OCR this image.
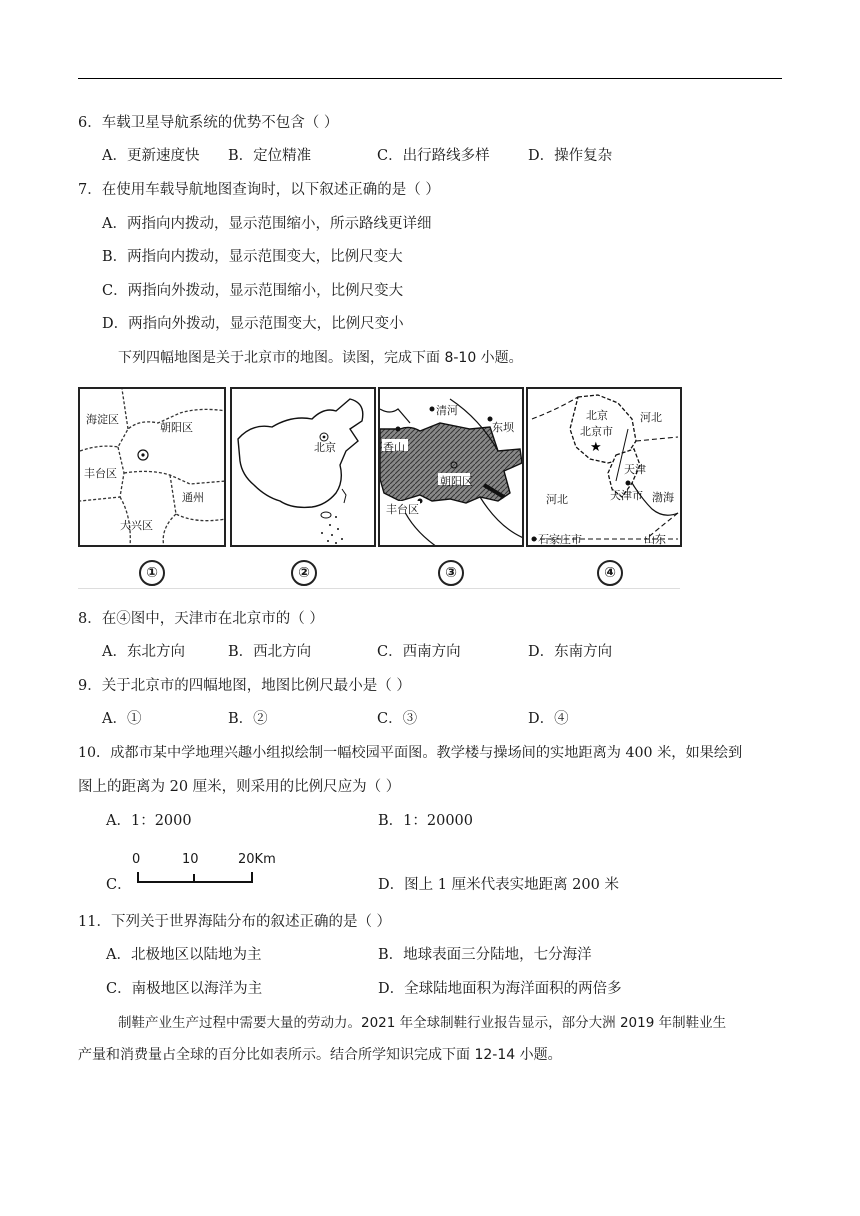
6．车载卫星导航系统的优势不包含（ ）
A．更新速度快 B．定位精准	C．出行路线多样	D．操作复杂
7．在使用车载导航地图查询时，以下叙述正确的是（ ）
A．两指向内拨动，显示范围缩小，所示路线更详细
B．两指向内拨动，显示范围变大，比例尺变大
C．两指向外拨动，显示范围缩小，比例尺变大
D．两指向外拨动，显示范围变大，比例尺变小
下列四幅地图是关于北京市的地图。读图，完成下面 8-10 小题。
海淀区
朝阳区
丰台区
通州
大兴区
北京
清河
东坝
香山
朝阳区
丰台区
★
北京
北京市
河北
天津
天津市 渤海
河北
石家庄市	山东
①	②	③	④
8．在④图中，天津市在北京市的（ ）
A．东北方向	B．西北方向	C．西南方向	D．东南方向
9．关于北京市的四幅地图，地图比例尺最小是（ ）
A．①	B．②	C．③	D．④
10．成都市某中学地理兴趣小组拟绘制一幅校园平面图。教学楼与操场间的实地距离为 400 米，如果绘到
图上的距离为 20 厘米，则采用的比例尺应为（ ）
A．1：2000	B．1：20000
C．
0	10	20Km
D．图上 1 厘米代表实地距离 200 米
11．下列关于世界海陆分布的叙述正确的是（ ）
A．北极地区以陆地为主	B．地球表面三分陆地，七分海洋
C．南极地区以海洋为主	D．全球陆地面积为海洋面积的两倍多
制鞋产业生产过程中需要大量的劳动力。2021 年全球制鞋行业报告显示，部分大洲 2019 年制鞋业生
产量和消费量占全球的百分比如表所示。结合所学知识完成下面 12-14 小题。
